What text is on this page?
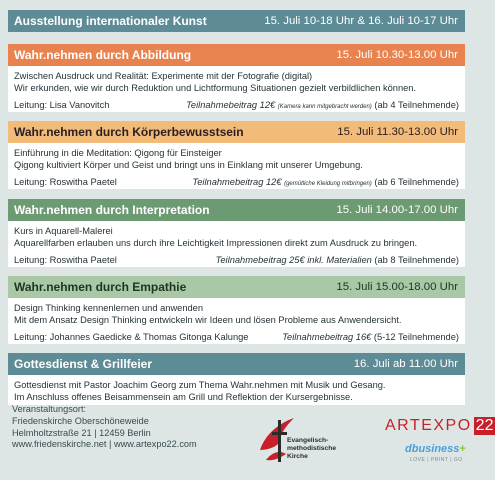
Ausstellung internationaler Kunst	15. Juli 10-18 Uhr & 16. Juli 10-17 Uhr
Wahr.nehmen durch Abbildung	15. Juli 10.30-13.00 Uhr

Zwischen Ausdruck und Realität: Experimente mit der Fotografie (digital)

Wir erkunden, wie wir durch Reduktion und Lichtformung Situationen gezielt verbildlichen können.

Leitung: Lisa Vanovitch	Teilnahmebeitrag 12€ (Kamera kann mitgebracht werden) (ab 4 Teilnehmende)
Wahr.nehmen durch Körperbewusstsein	15. Juli 11.30-13.00 Uhr

Einführung in die Meditation: Qigong für Einsteiger

Qigong kultiviert Körper und Geist und bringt uns in Einklang mit unserer Umgebung.

Leitung: Roswitha Paetel	Teilnahmebeitrag 12€ (gemütliche Kleidung mitbringen) (ab 6 Teilnehmende)
Wahr.nehmen durch Interpretation	15. Juli 14.00-17.00 Uhr

Kurs in Aquarell-Malerei

Aquarellfarben erlauben uns durch ihre Leichtigkeit Impressionen direkt zum Ausdruck zu bringen.

Leitung: Roswitha Paetel	Teilnahmebeitrag 25€ inkl. Materialien (ab 8 Teilnehmende)
Wahr.nehmen durch Empathie	15. Juli 15.00-18.00 Uhr

Design Thinking kennenlernen und anwenden

Mit dem Ansatz Design Thinking entwickeln wir Ideen und lösen Probleme aus Anwendersicht.

Leitung: Johannes Gaedicke & Thomas Gitonga Kalunge	Teilnahmebeitrag 16€ (5-12 Teilnehmende)
Gottesdienst & Grillfeier	16. Juli ab 11.00 Uhr

Gottesdienst mit Pastor Joachim Georg zum Thema Wahr.nehmen mit Musik und Gesang.

Im Anschluss offenes Beisammensein am Grill und Reflektion der Kursergebnisse.

Veranstaltungsort:
Friedenskirche Oberschöneweide
Helmholtzstraße 21 | 12459 Berlin
www.friedenskirche.net | www.artexpo22.com	Evangelisch-
methodistische
Kirche
ARTEXPO 22
dbusiness+
LOVE | PRINT | GO
